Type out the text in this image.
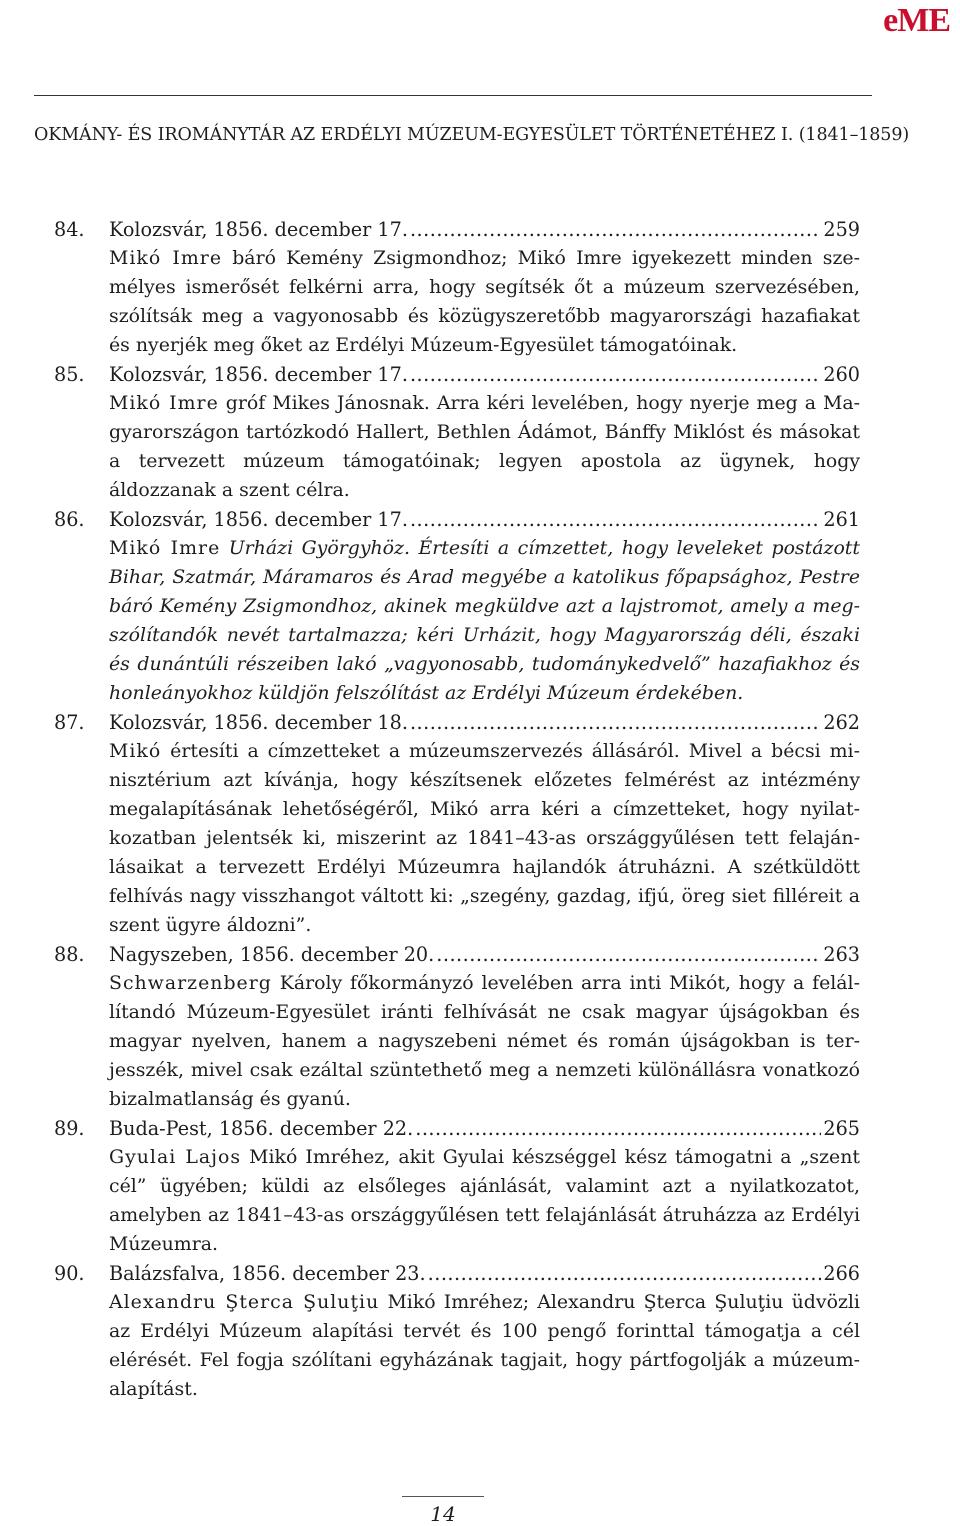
eME
OKMÁNY- ÉS IROMÁNYTÁR AZ ERDÉLYI MÚZEUM-EGYESÜLET TÖRTÉNETÉHEZ I. (1841–1859)
84.	Kolozsvár, 1856. december 17. .....	259

Mikó Imre báró Kemény Zsigmondhoz; Mikó Imre igyekezett minden személyes ismerősét felkérni arra, hogy segítsék őt a múzeum szervezésében, szólítsák meg a vagyonosabb és közügyszeretőbb magyarországi hazafiakat és nyerjék meg őket az Erdélyi Múzeum-Egyesület támogatóinak.

85.	Kolozsvár, 1856. december 17. .....	260

Mikó Imre gróf Mikes Jánosnak. Arra kéri levelében, hogy nyerje meg a Magyarországon tartózkodó Hallert, Bethlen Ádámot, Bánffy Miklóst és másokat a tervezett múzeum támogatóinak; legyen apostola az ügynek, hogy áldozzanak a szent célra.

86.	Kolozsvár, 1856. december 17. .....	261

Mikó Imre Urházi Györgyhöz. Értesíti a címzettet, hogy leveleket postázott Bihar, Szatmár, Máramaros és Arad megyébe a katolikus főpapsághoz, Pestre báró Kemény Zsigmondhoz, akinek megküldve azt a lajstromot, amely a megszólítandók nevét tartalmazza; kéri Urházit, hogy Magyarország déli, északi és dunántúli részeiben lakó „vagyonosabb, tudománykedvelő” hazafiakhoz és honleányokhoz küldjön felszólítást az Erdélyi Múzeum érdekében.

87.	Kolozsvár, 1856. december 18. .....	262

Mikó értesíti a címzetteket a múzeumszervezés állásáról. Mivel a bécsi minisztérium azt kívánja, hogy készítsenek előzetes felmérést az intézmény megalapításának lehetőségéről, Mikó arra kéri a címzetteket, hogy nyilatkozatban jelentsék ki, miszerint az 1841–43-as országgyűlésen tett felajánlásaikat a tervezett Erdélyi Múzeumra hajlandók átruházni. A szétküldött felhívás nagy visszhangot váltott ki: „szegény, gazdag, ifjú, öreg siet filléreit a szent ügyre áldozni”.

88.	Nagyszeben, 1856. december 20. .....	263

Schwarzenberg Károly főkormányzó levelében arra inti Mikót, hogy a felállítandó Múzeum-Egyesület iránti felhívását ne csak magyar újságokban és magyar nyelven, hanem a nagyszebeni német és román újságokban is terjesszék, mivel csak ezáltal szüntethető meg a nemzeti különállásra vonatkozó bizalmatlanság és gyanú.

89.	Buda-Pest, 1856. december 22. .....	265

Gyulai Lajos Mikó Imréhez, akit Gyulai készséggel kész támogatni a „szent cél” ügyében; küldi az elsőleges ajánlását, valamint azt a nyilatkozatot, amelyben az 1841–43-as országgyűlésen tett felajánlását átruházza az Erdélyi Múzeumra.

90.	Balázsfalva, 1856. december 23. .....	266

Alexandru Şterca Şuluţiu Mikó Imréhez; Alexandru Şterca Şuluţiu üdvözli az Erdélyi Múzeum alapítási tervét és 100 pengő forinttal támogatja a cél elérését. Fel fogja szólítani egyházának tagjait, hogy pártfogolják a múzeumalapítást.

14
